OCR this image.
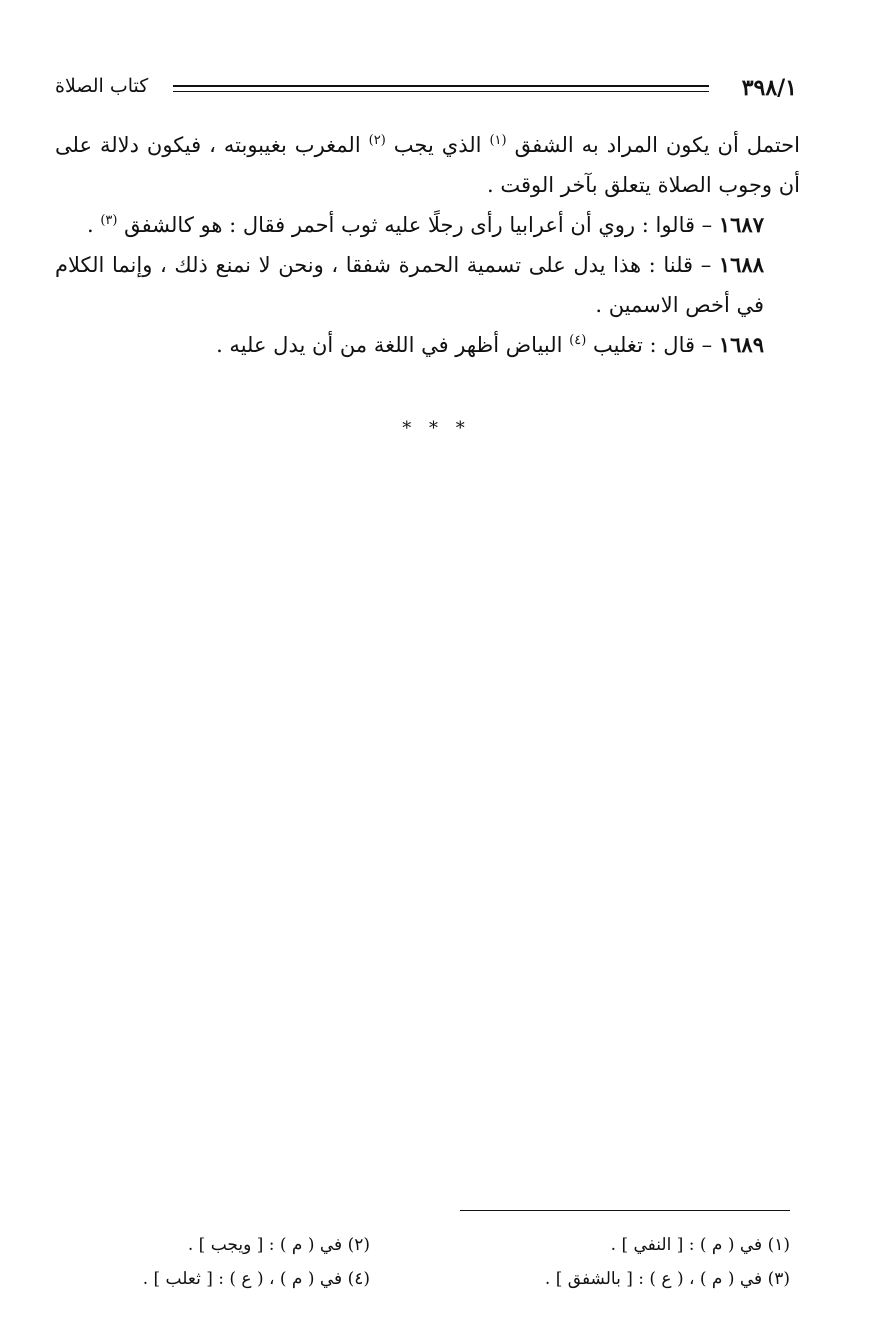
٣٩٨/١
كتاب الصلاة

احتمل أن يكون المراد به الشفق $^{(١)}$ الذي يجب $^{(٢)}$ المغرب بغيبوبته ، فيكون دلالة على أن وجوب الصلاة يتعلق بآخر الوقت .

١٦٨٧ – قالوا : روي أن أعرابيا رأى رجلًا عليه ثوب أحمر فقال : هو كالشفق $^{(٣)}$ .

١٦٨٨ – قلنا : هذا يدل على تسمية الحمرة شفقا ، ونحن لا نمنع ذلك ، وإنما الكلام في أخص الاسمين .

١٦٨٩ – قال : تغليب $^{(٤)}$ البياض أظهر في اللغة من أن يدل عليه .

* * *
(١) في ( م ) : [ النفي ] .
(٢) في ( م ) : [ ويجب ] .
(٣) في ( م ) ، ( ع ) : [ بالشفق ] .
(٤) في ( م ) ، ( ع ) : [ ثعلب ] .
